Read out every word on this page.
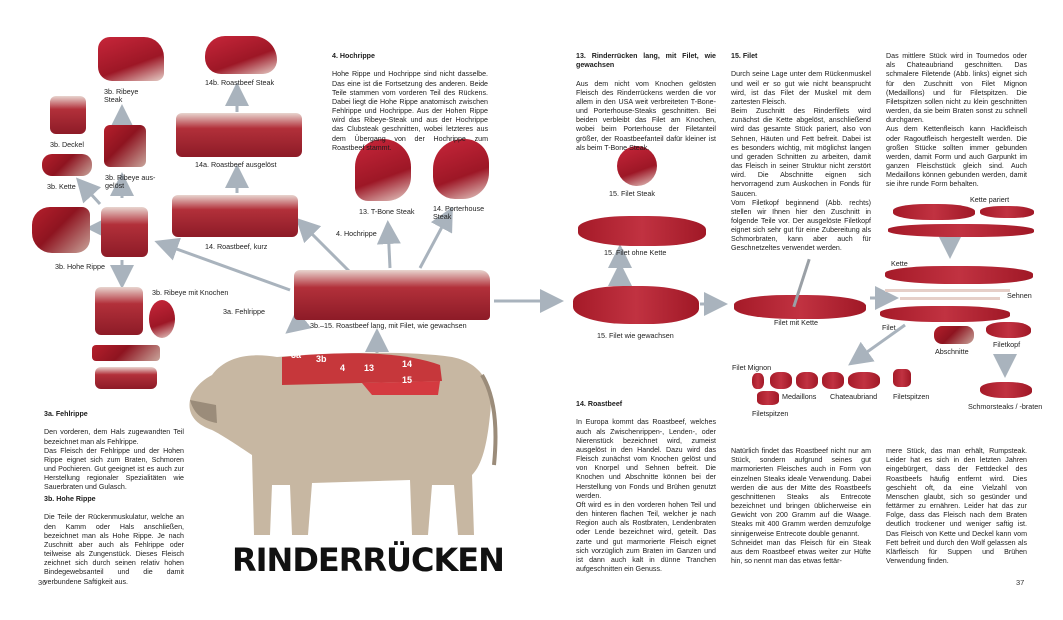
3a 3b
4 13	14
15
3b. Ribeye
Steak
14b. Roastbeef Steak
3b. Deckel
3b. Ribeye aus-
gelöst
3b. Kette
14a. Roastbeef ausgelöst
13. T-Bone Steak	14. Porterhouse
Steak
4. Hochrippe
14. Roastbeef, kurz
3b. Hohe Rippe
3b. Ribeye mit Knochen
3a. Fehlrippe
3b.–15. Roastbeef lang, mit Filet, wie gewachsen
15. Filet Steak
15. Filet ohne Kette
15. Filet wie gewachsen
Filet mit Kette
Kette pariert
Kette
Sehnen
Filet
Abschnitte
Filetkopf
Filet Mignon
Medaillons Chateaubriand
Filetspitzen
Filetspitzen
Schmorsteaks / -braten

4. Hochrippe

Hohe Rippe und Hochrippe sind nicht dasselbe. Das eine ist die Fortsetzung des anderen. Beide Teile stammen vom vorderen Teil des Rückens. Dabei liegt die Hohe Rippe anatomisch zwischen Fehlrippe und Hochrippe. Aus der Hohen Rippe wird das Ribeye-Steak und aus der Hochrippe das Clubsteak geschnitten, wobei letzteres aus dem Übergang von der Hochrippe zum Roastbeef stammt.

13. Rinderrücken lang, mit Filet, wie gewachsen

Aus dem nicht vom Knochen gelösten Fleisch des Rinderrückens werden die vor allem in den USA weit verbreiteten T-Bone- und Porterhouse-Steaks geschnitten. Bei beiden verbleibt das Filet am Knochen, wobei beim Porterhouse der Filetanteil größer, der Roastbeefanteil dafür kleiner ist als beim T-Bone Steak.

15. Filet

Durch seine Lage unter dem Rückenmuskel und weil er so gut wie nicht beansprucht wird, ist das Filet der Muskel mit dem zartesten Fleisch.
Beim Zuschnitt des Rinderfilets wird zunächst die Kette abgelöst, anschließend wird das gesamte Stück pariert, also von Sehnen, Häuten und Fett befreit. Dabei ist es besonders wichtig, mit möglichst langen und geraden Schnitten zu arbeiten, damit das Fleisch in seiner Struktur nicht zerstört wird. Die Abschnitte eignen sich hervorragend zum Auskochen in Fonds für Saucen.
Vom Filetkopf beginnend (Abb. rechts) stellen wir Ihnen hier den Zuschnitt in folgende Teile vor. Der ausgelöste Filetkopf eignet sich sehr gut für eine Zubereitung als Schmorbraten, kann aber auch für Geschnetzeltes verwendet werden.

Das mittlere Stück wird in Tournedos oder als Chateaubriand geschnitten. Das schmalere Filetende (Abb. links) eignet sich für den Zuschnitt von Filet Mignon (Medaillons) und für Filetspitzen. Die Filetspitzen sollen nicht zu klein geschnitten werden, da sie beim Braten sonst zu schnell durchgaren.
Aus dem Kettenfleisch kann Hackfleisch oder Ragoutfleisch hergestellt werden. Die großen Stücke sollten immer gebunden werden, damit Form und auch Garpunkt im ganzen Fleischstück gleich sind. Auch Medaillons können gebunden werden, damit sie ihre runde Form behalten.

3a. Fehlrippe

Den vorderen, dem Hals zugewandten Teil bezeichnet man als Fehlrippe.
Das Fleisch der Fehlrippe und der Hohen Rippe eignet sich zum Braten, Schmoren und Pochieren. Gut geeignet ist es auch zur Herstellung regionaler Spezialitäten wie Sauerbraten und Gulasch.

3b. Hohe Rippe

Die Teile der Rückenmuskulatur, welche an den Kamm oder Hals anschließen, bezeichnet man als Hohe Rippe. Je nach Zuschnitt aber auch als Fehlrippe oder teilweise als Zungenstück. Dieses Fleisch zeichnet sich durch seinen relativ hohen Bindegewebsanteil und die damit verbundene Saftigkeit aus.

14. Roastbeef

In Europa kommt das Roastbeef, welches auch als Zwischenrippen-, Lenden-, oder Nierenstück bezeichnet wird, zumeist ausgelöst in den Handel. Dazu wird das Fleisch zunächst vom Knochen gelöst und von Knorpel und Sehnen befreit. Die Knochen und Abschnitte können bei der Herstellung von Fonds und Brühen genutzt werden.
Oft wird es in den vorderen hohen Teil und den hinteren flachen Teil, welcher je nach Region auch als Rostbraten, Lendenbraten oder Lende bezeichnet wird, geteilt. Das zarte und gut marmorierte Fleisch eignet sich vorzüglich zum Braten im Ganzen und ist dann auch kalt in dünne Tranchen aufgeschnitten ein Genuss.

Natürlich findet das Roastbeef nicht nur am Stück, sondern aufgrund seines gut marmorierten Fleisches auch in Form von einzelnen Steaks ideale Verwendung. Dabei werden die aus der Mitte des Roastbeefs geschnittenen Steaks als Entrecote bezeichnet und bringen üblicherweise ein Gewicht von 200 Gramm auf die Waage. Steaks mit 400 Gramm werden demzufolge sinnigerweise Entrecote double genannt.
Schneidet man das Fleisch für ein Steak aus dem Roastbeef etwas weiter zur Hüfte hin, so nennt man das etwas fettär-

mere Stück, das man erhält, Rumpsteak. Leider hat es sich in den letzten Jahren eingebürgert, dass der Fettdeckel des Roastbeefs häufig entfernt wird. Dies geschieht oft, da eine Vielzahl von Menschen glaubt, sich so gesünder und fettärmer zu ernähren. Leider hat das zur Folge, dass das Fleisch nach dem Braten deutlich trockener und weniger saftig ist. Das Fleisch von Kette und Deckel kann vom Fett befreit und durch den Wolf gelassen als Klärfleisch für Suppen und Brühen Verwendung finden.

RINDERRÜCKEN
36	37
